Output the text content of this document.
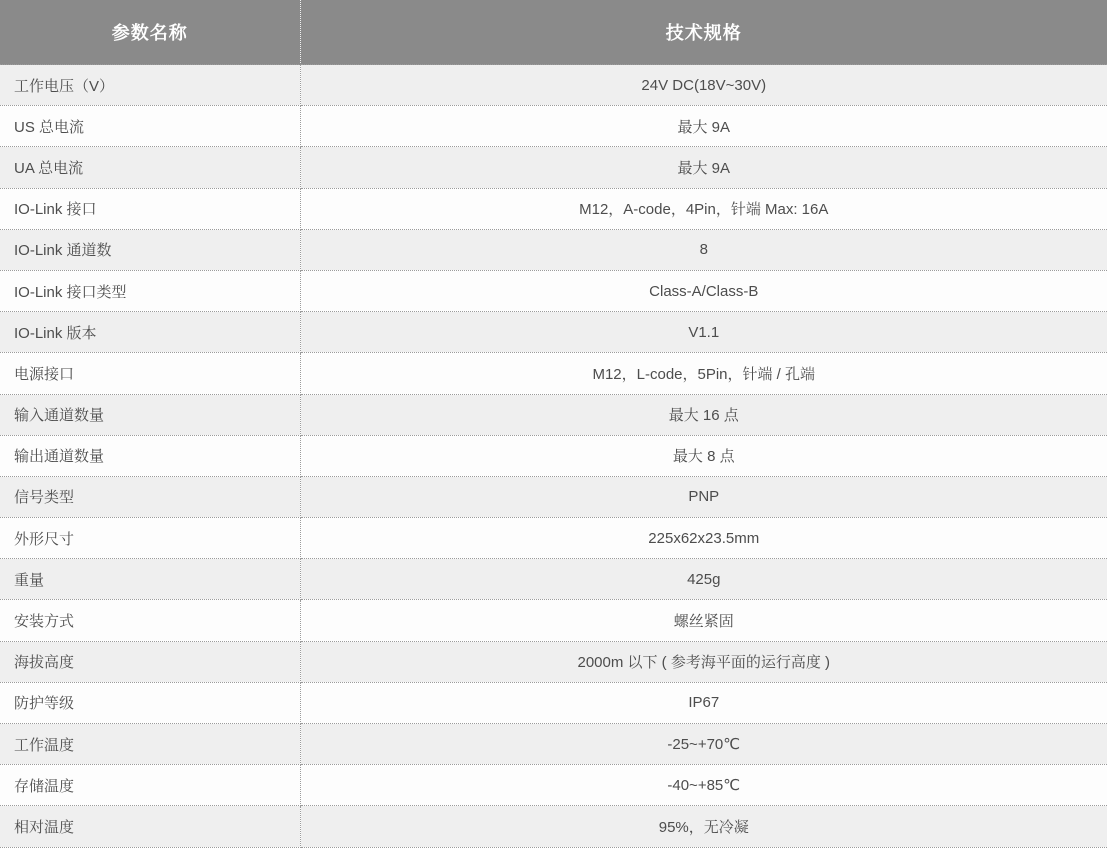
参数名称	技术规格
工作电压（V）	24V DC(18V~30V)
US 总电流	最大 9A
UA 总电流	最大 9A
IO-Link 接口	M12，A-code，4Pin，针端 Max: 16A
IO-Link 通道数	8
IO-Link 接口类型	Class-A/Class-B
IO-Link 版本	V1.1
电源接口	M12，L-code，5Pin，针端 / 孔端
输入通道数量	最大 16 点
输出通道数量	最大 8 点
信号类型	PNP
外形尺寸	225x62x23.5mm
重量	425g
安装方式	螺丝紧固
海拔高度	2000m 以下 ( 参考海平面的运行高度 )
防护等级	IP67
工作温度	-25~+70℃
存储温度	-40~+85℃
相对温度	95%，无冷凝
